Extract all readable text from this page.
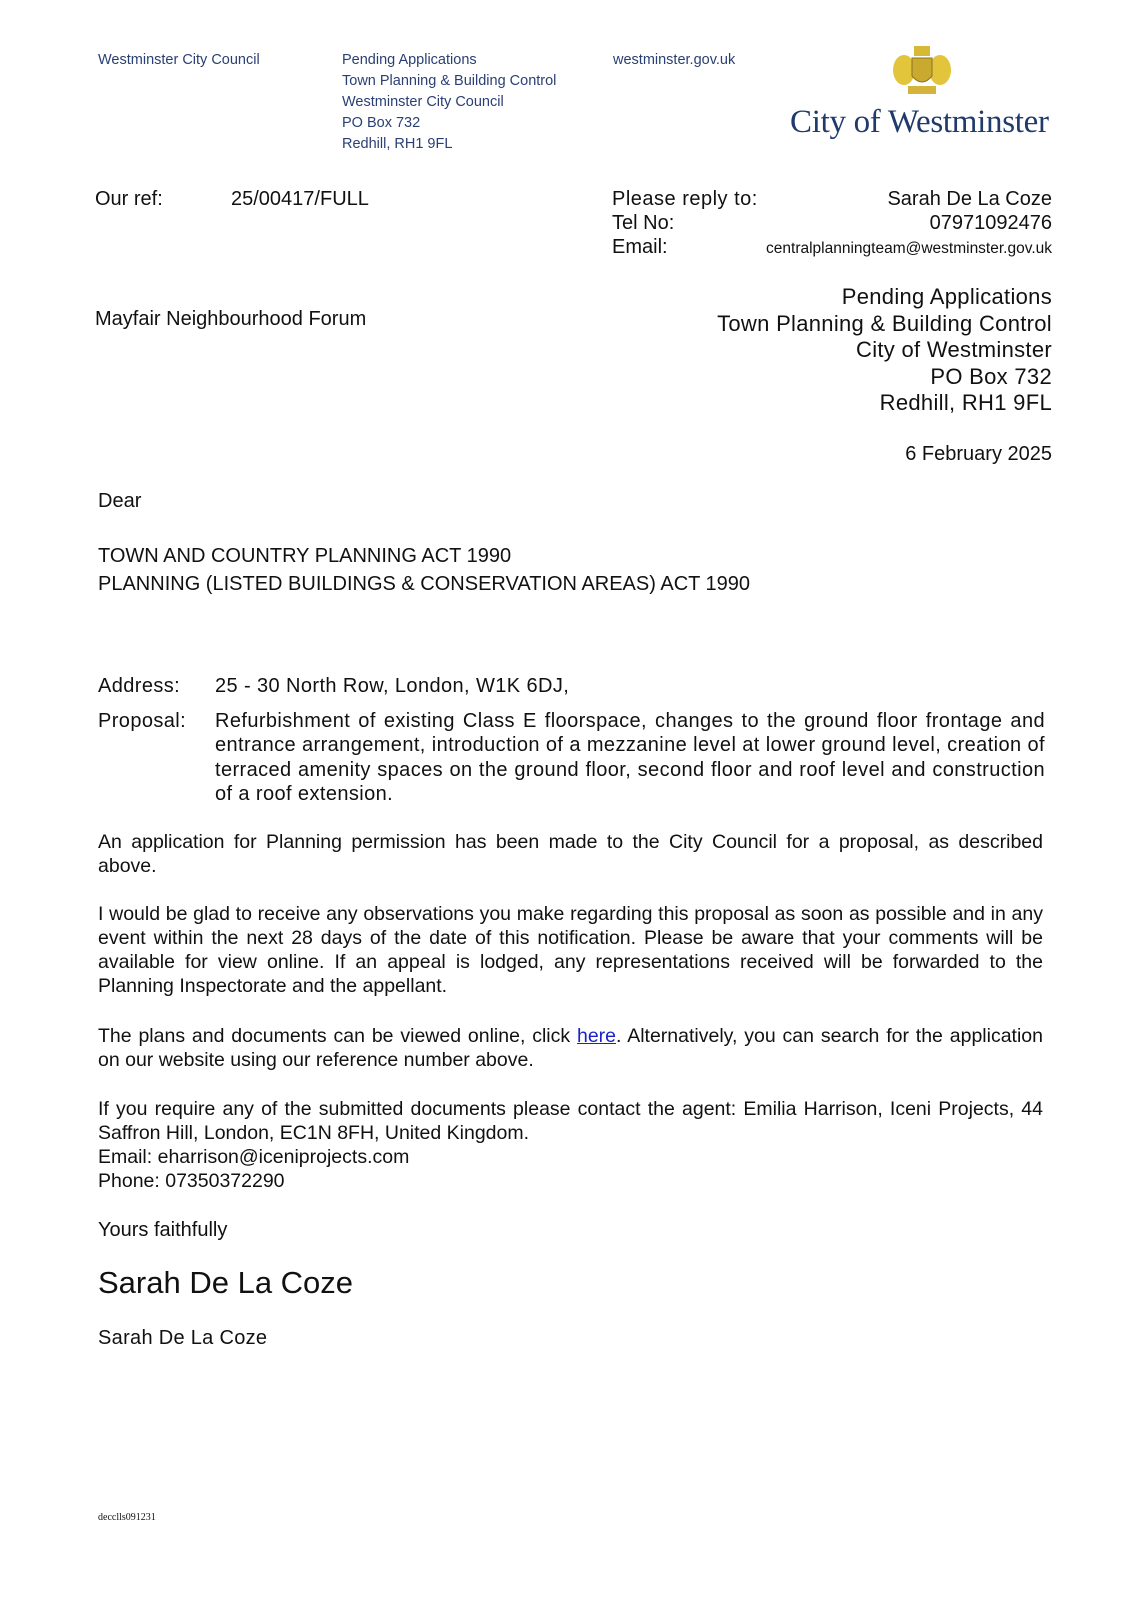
Westminster City Council	Pending Applications
Town Planning & Building Control
Westminster City Council
PO Box 732
Redhill, RH1 9FL
westminster.gov.uk
City of Westminster
Our ref:	25/00417/FULL	Please reply to:	Sarah De La Coze
Tel No:	07971092476
Email:	centralplanningteam@westminster.gov.uk
Mayfair Neighbourhood Forum
Pending Applications
Town Planning & Building Control
City of Westminster
PO Box 732
Redhill, RH1 9FL
6 February 2025
Dear
TOWN AND COUNTRY PLANNING ACT 1990
PLANNING (LISTED BUILDINGS & CONSERVATION AREAS) ACT 1990
Address: 25 - 30 North Row, London, W1K 6DJ,
Proposal: Refurbishment of existing Class E floorspace, changes to the ground floor frontage and entrance arrangement, introduction of a mezzanine level at lower ground level, creation of terraced amenity spaces on the ground floor, second floor and roof level and construction of a roof extension.
An application for Planning permission has been made to the City Council for a proposal, as described above.
I would be glad to receive any observations you make regarding this proposal as soon as possible and in any event within the next 28 days of the date of this notification. Please be aware that your comments will be available for view online. If an appeal is lodged, any representations received will be forwarded to the Planning Inspectorate and the appellant.
The plans and documents can be viewed online, click here. Alternatively, you can search for the application on our website using our reference number above.
If you require any of the submitted documents please contact the agent: Emilia Harrison, Iceni Projects, 44 Saffron Hill, London, EC1N 8FH, United Kingdom.
Email: eharrison@iceniprojects.com
Phone: 07350372290
Yours faithfully
Sarah De La Coze
Sarah De La Coze
decclls091231
